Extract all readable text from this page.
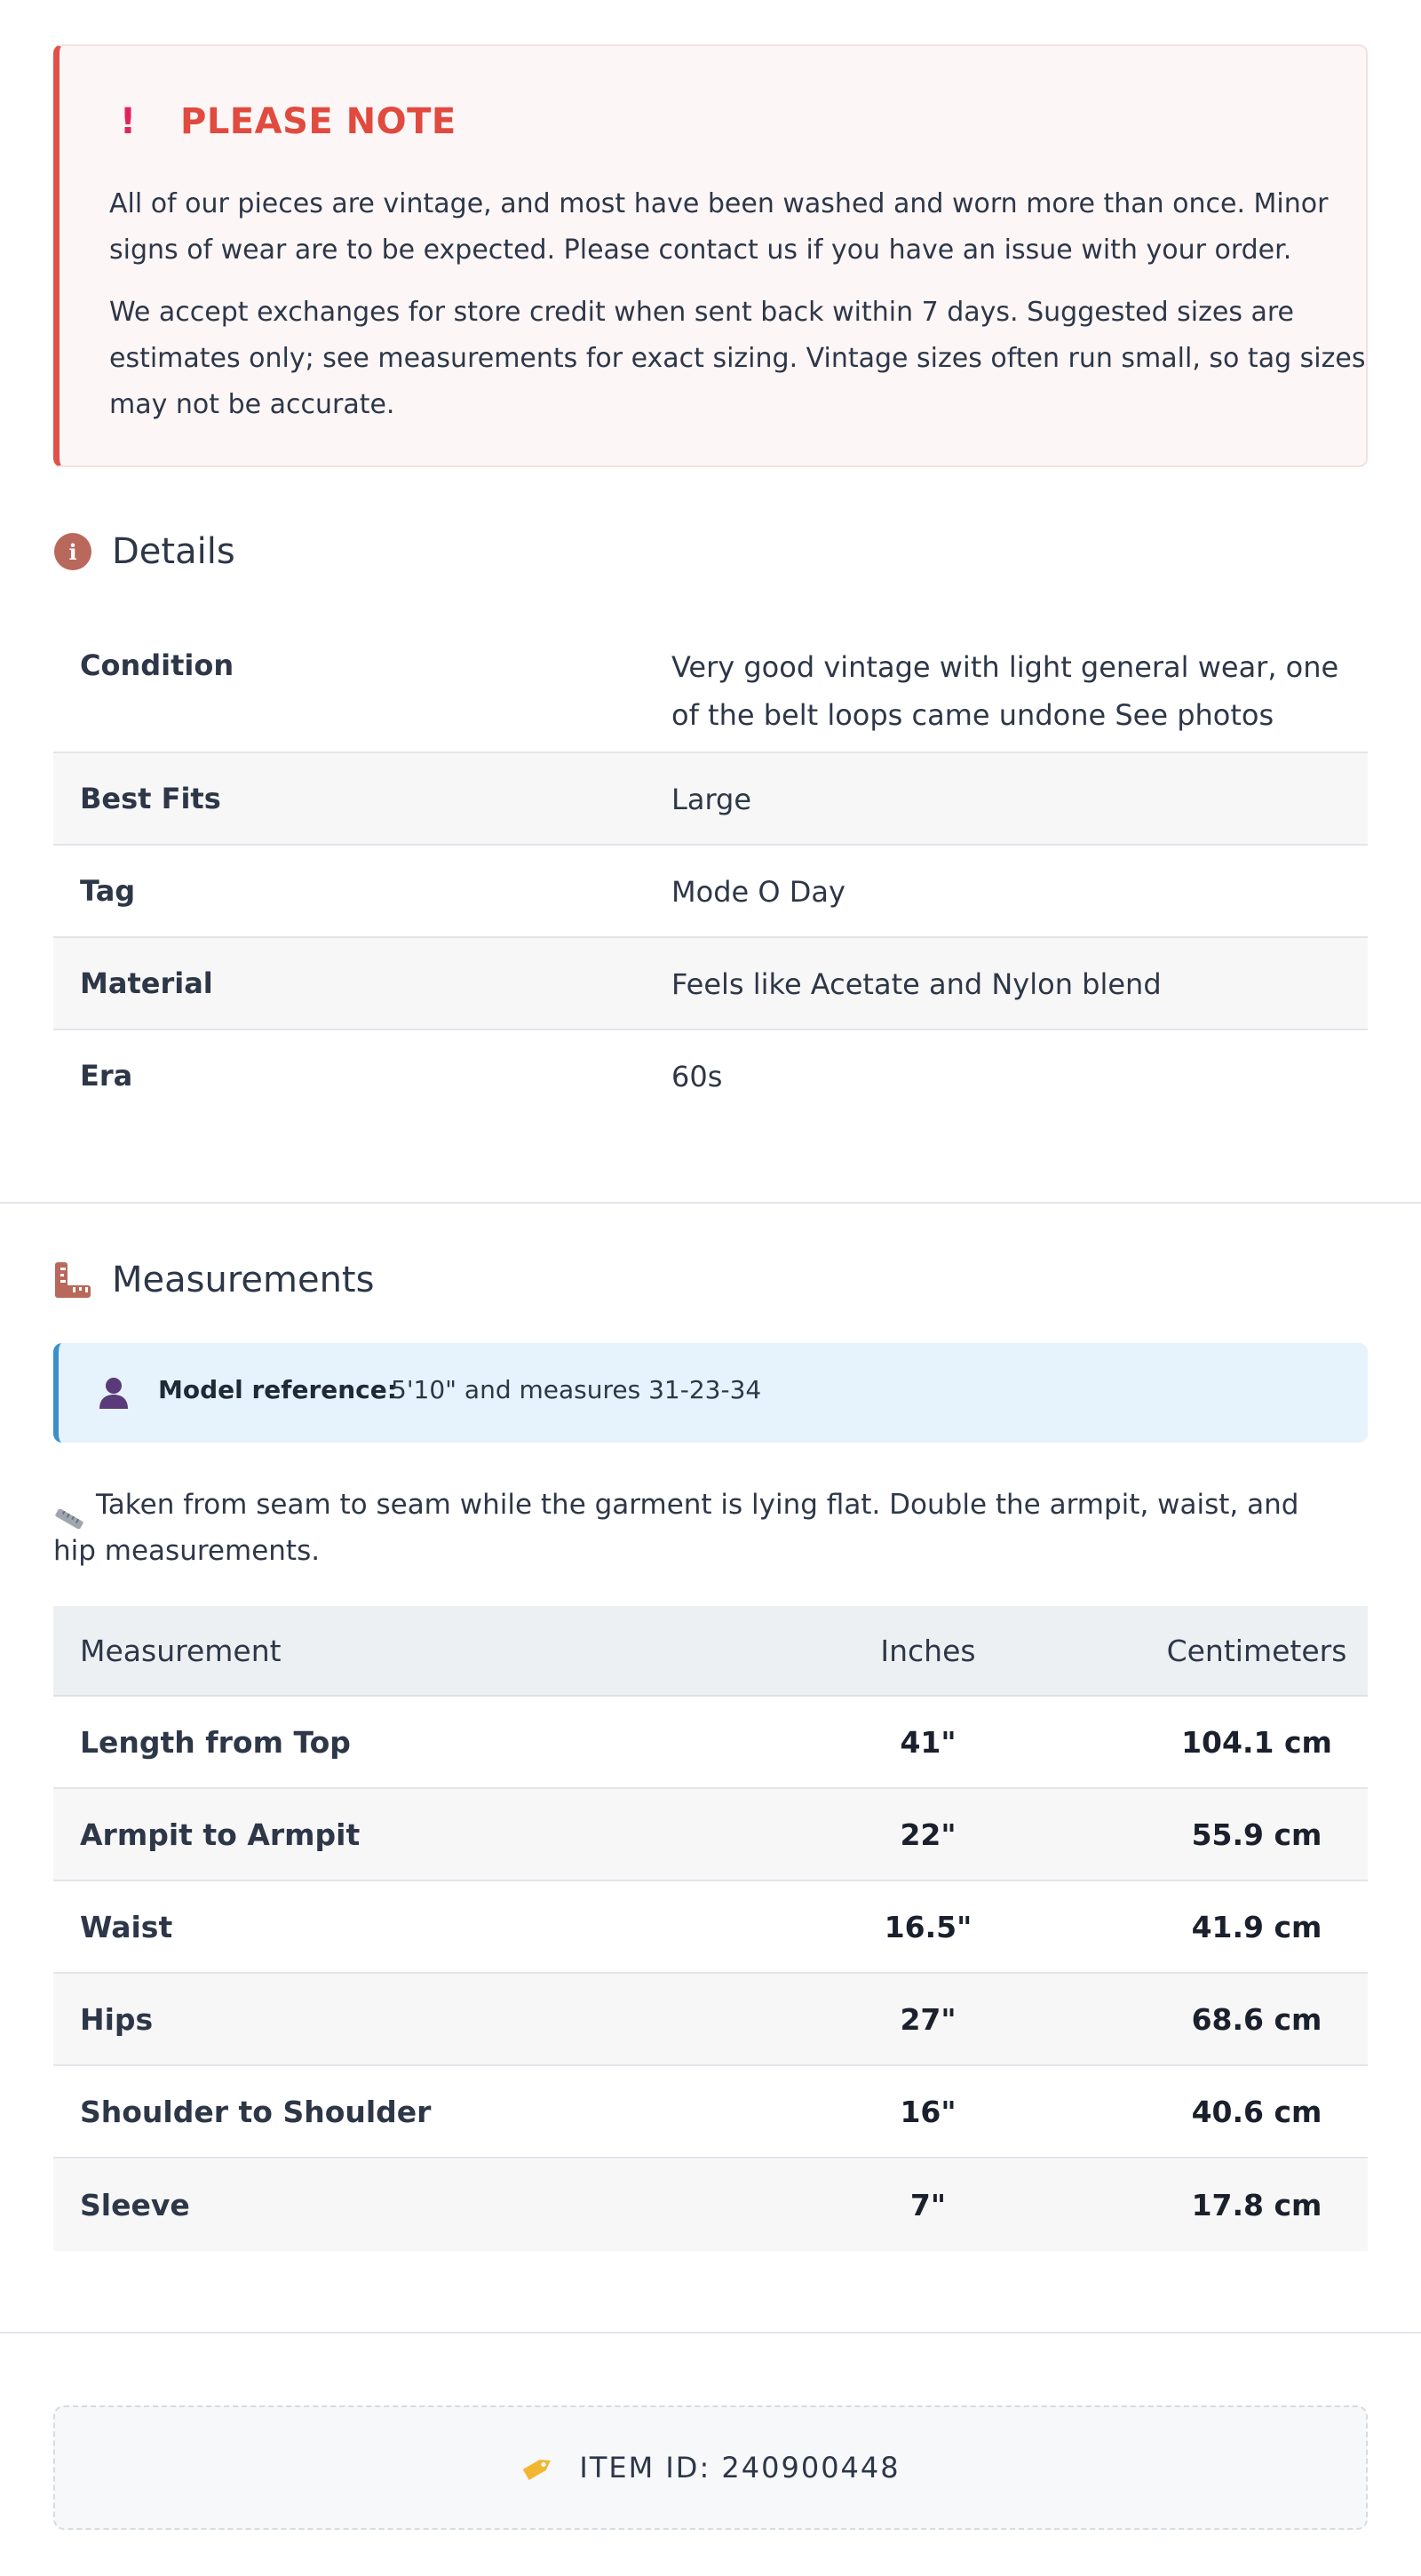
! PLEASE NOTE

All of our pieces are vintage, and most have been washed and worn more than once. Minor signs of wear are to be expected. Please contact us if you have an issue with your order.

We accept exchanges for store credit when sent back within 7 days. Suggested sizes are estimates only; see measurements for exact sizing. Vintage sizes often run small, so tag sizes may not be accurate.

i Details
Condition	Very good vintage with light general wear, one of the belt loops came undone See photos
Best Fits	Large
Tag	Mode O Day
Material	Feels like Acetate and Nylon blend
Era	60s
Measurements
Model reference:
5'10" and measures 31-23-34

Taken from seam to seam while the garment is lying flat. Double the armpit, waist, and hip measurements.

Measurement	Inches	Centimeters
Length from Top	41"	104.1 cm
Armpit to Armpit	22"	55.9 cm
Waist	16.5"	41.9 cm
Hips	27"	68.6 cm
Shoulder to Shoulder	16"	40.6 cm
Sleeve	7"	17.8 cm
ITEM ID: 240900448
